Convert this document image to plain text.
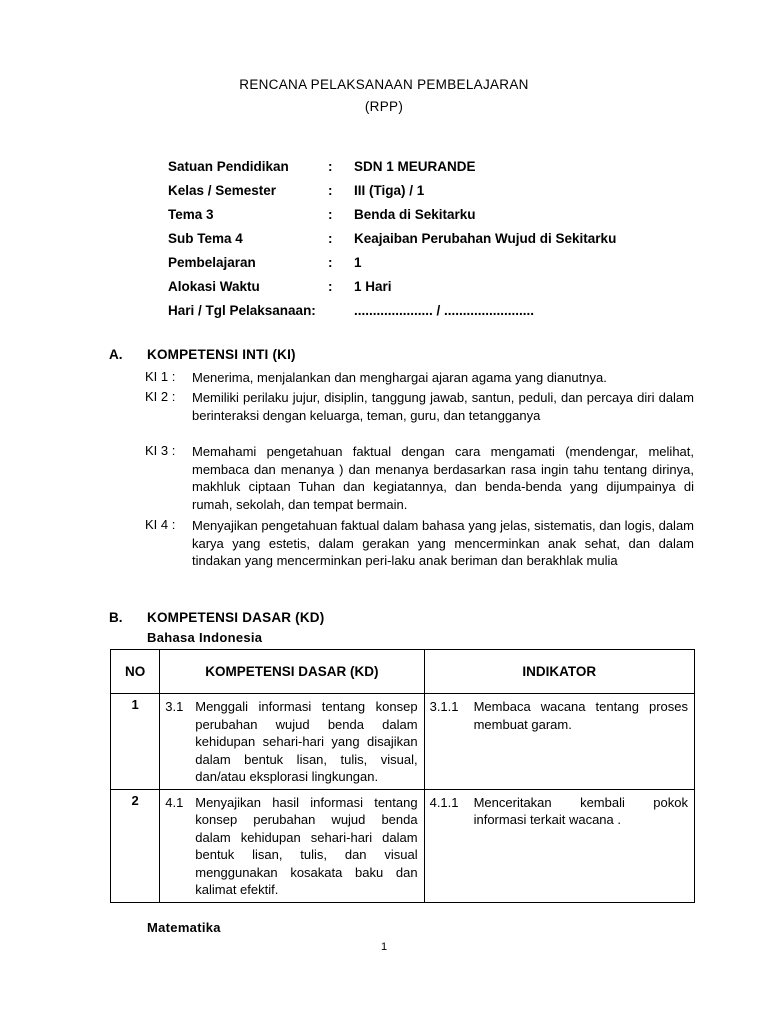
RENCANA PELAKSANAAN PEMBELAJARAN
(RPP)
Satuan Pendidikan	: SDN 1 MEURANDE
Kelas / Semester	: III (Tiga) / 1
Tema 3	: Benda di Sekitarku
Sub Tema 4	: Keajaiban Perubahan Wujud di Sekitarku
Pembelajaran	: 1
Alokasi Waktu	: 1 Hari
Hari / Tgl Pelaksanaan:	..................... / ........................
A. KOMPETENSI INTI (KI)
KI 1 :	Menerima, menjalankan dan menghargai ajaran agama yang dianutnya.
KI 2 :	Memiliki perilaku jujur, disiplin, tanggung jawab, santun, peduli, dan percaya diri dalam berinteraksi dengan keluarga, teman, guru, dan tetangganya
KI 3 :	Memahami pengetahuan faktual dengan cara mengamati (mendengar, melihat, membaca dan menanya ) dan menanya berdasarkan rasa ingin tahu tentang dirinya, makhluk ciptaan Tuhan dan kegiatannya, dan benda-benda yang dijumpainya di rumah, sekolah, dan tempat bermain.
KI 4 :	Menyajikan pengetahuan faktual dalam bahasa yang jelas, sistematis, dan logis, dalam karya yang estetis, dalam gerakan yang mencerminkan anak sehat, dan dalam tindakan yang mencerminkan peri-laku anak beriman dan berakhlak mulia
B. KOMPETENSI DASAR (KD)
Bahasa Indonesia
NO	KOMPETENSI DASAR (KD)	INDIKATOR
1	3.1 Menggali informasi tentang konsep perubahan wujud benda dalam kehidupan sehari-hari yang disajikan dalam bentuk lisan, tulis, visual, dan/atau eksplorasi lingkungan.	3.1.1 Membaca wacana tentang proses membuat garam.

2	4.1 Menyajikan hasil informasi tentang konsep perubahan wujud benda dalam kehidupan sehari-hari dalam bentuk lisan, tulis, dan visual menggunakan kosakata baku dan kalimat efektif.	4.1.1 Menceritakan kembali pokok informasi terkait wacana .
Matematika
1
